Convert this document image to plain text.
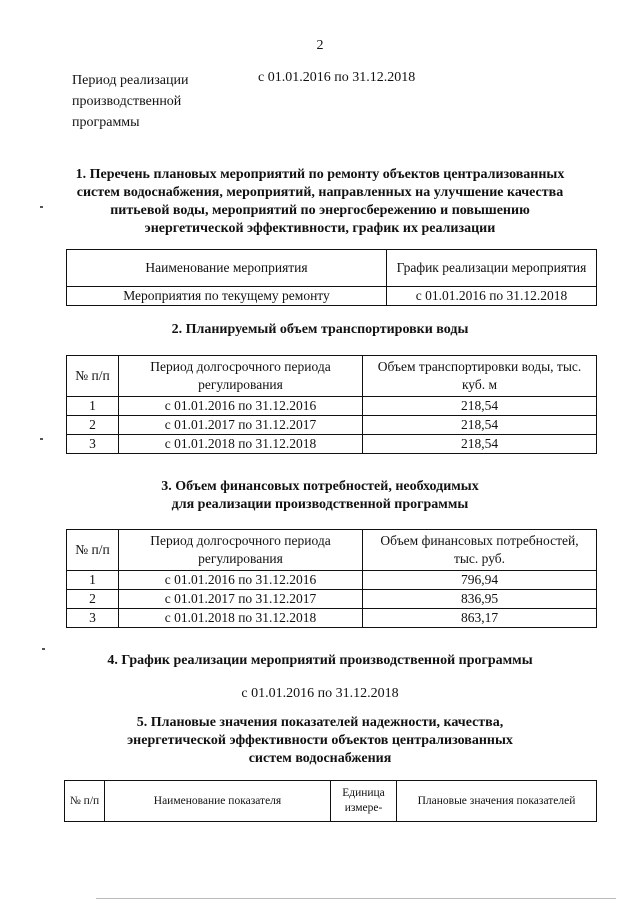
2
Период реализации производственной программы
с 01.01.2016 по 31.12.2018
1. Перечень плановых мероприятий по ремонту объектов централизованных систем водоснабжения, мероприятий, направленных на улучшение качества питьевой воды, мероприятий по энергосбережению и повышению энергетической эффективности, график их реализации
Наименование мероприятия	График реализации мероприятия
Мероприятия по текущему ремонту	с 01.01.2016 по 31.12.2018
2. Планируемый объем транспортировки воды
№ п/п	Период долгосрочного периода регулирования	Объем транспортировки воды, тыс. куб. м
1	с 01.01.2016 по 31.12.2016	218,54
2	с 01.01.2017 по 31.12.2017	218,54
3	с 01.01.2018 по 31.12.2018	218,54
3. Объем финансовых потребностей, необходимых для реализации производственной программы
№ п/п	Период долгосрочного периода регулирования	Объем финансовых потребностей, тыс. руб.
1	с 01.01.2016 по 31.12.2016	796,94
2	с 01.01.2017 по 31.12.2017	836,95
3	с 01.01.2018 по 31.12.2018	863,17
4. График реализации мероприятий производственной программы
с 01.01.2016 по 31.12.2018
5. Плановые значения показателей надежности, качества, энергетической эффективности объектов централизованных систем водоснабжения
№ п/п	Наименование показателя	Единица измере-	Плановые значения показателей
